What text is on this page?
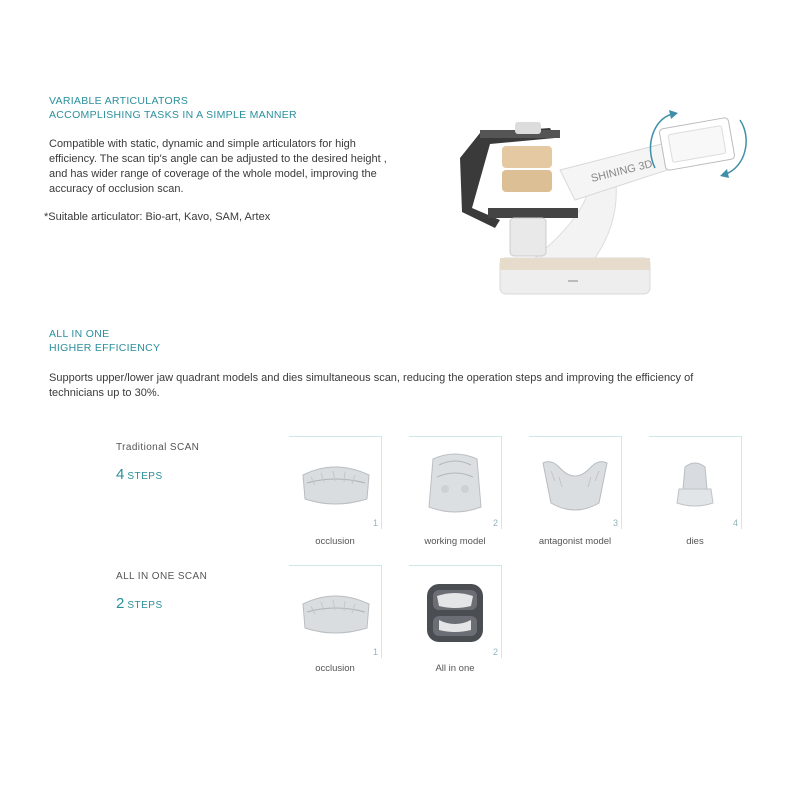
VARIABLE ARTICULATORS
ACCOMPLISHING TASKS IN A SIMPLE MANNER
Compatible with static, dynamic and simple articulators for high efficiency. The scan tip's angle can be adjusted to the desired height , and has wider range of coverage of the whole model, improving the accuracy of occlusion scan.
*Suitable articulator: Bio-art, Kavo, SAM, Artex
SHINING 3D
ALL IN ONE
HIGHER EFFICIENCY
Supports upper/lower jaw quadrant models and dies simultaneous scan, reducing the operation steps and improving the efficiency of technicians up to 30%.
Traditional SCAN
4 STEPS
1
occlusion
2
working model
3
antagonist model
4
dies
ALL IN ONE SCAN
2 STEPS
1
occlusion
2
All in one
